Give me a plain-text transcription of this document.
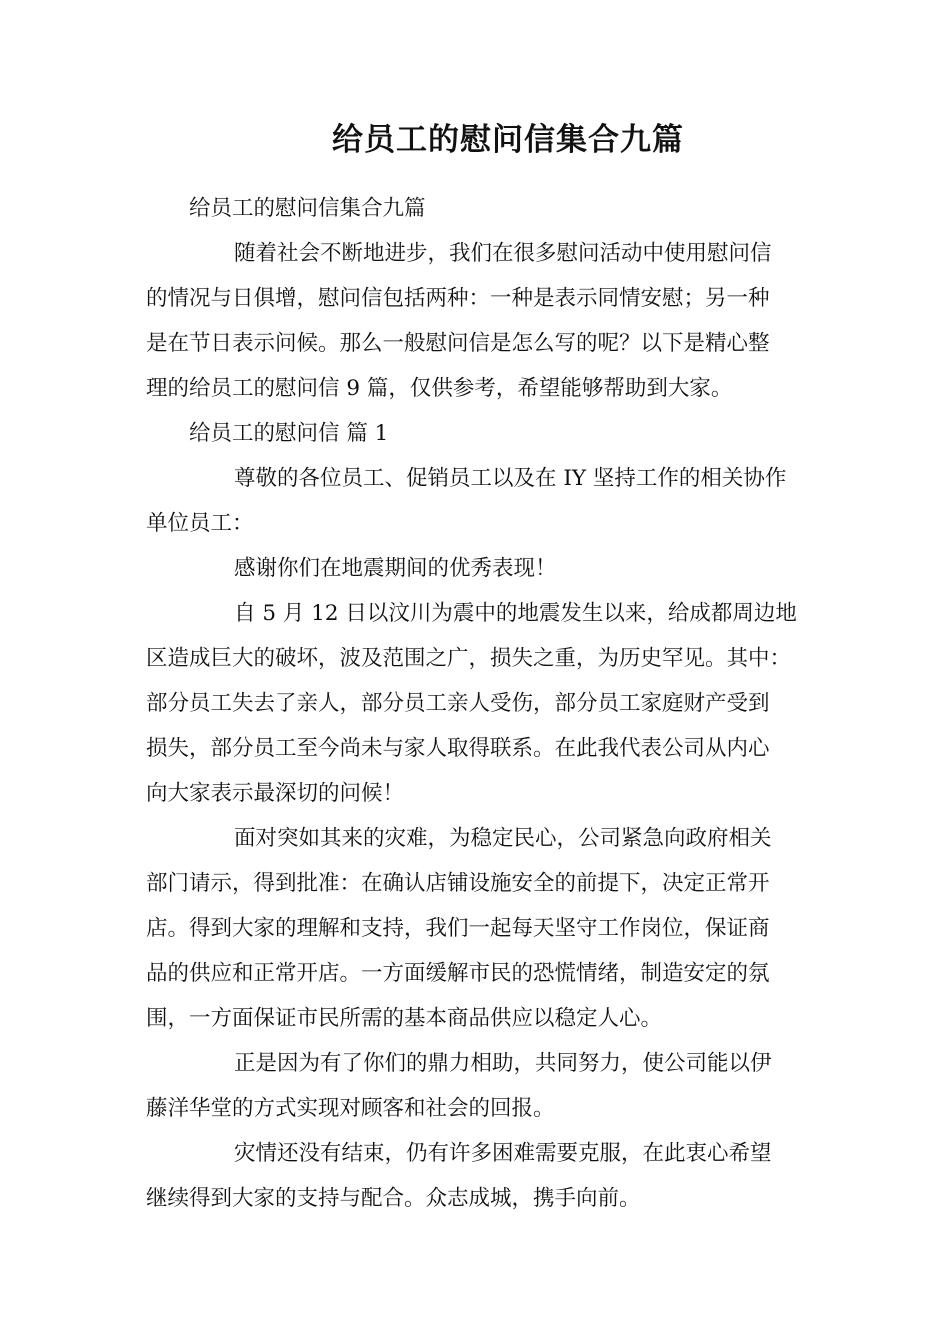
给员工的慰问信集合九篇
给员工的慰问信集合九篇
随着社会不断地进步，我们在很多慰问活动中使用慰问信
的情况与日俱增，慰问信包括两种：一种是表示同情安慰；另一种
是在节日表示问候。那么一般慰问信是怎么写的呢？以下是精心整
理的给员工的慰问信 9 篇，仅供参考，希望能够帮助到大家。
给员工的慰问信 篇 1
尊敬的各位员工、促销员工以及在 IY 坚持工作的相关协作
单位员工：
感谢你们在地震期间的优秀表现！
自 5 月 12 日以汶川为震中的地震发生以来，给成都周边地
区造成巨大的破坏，波及范围之广，损失之重，为历史罕见。其中：
部分员工失去了亲人，部分员工亲人受伤，部分员工家庭财产受到
损失，部分员工至今尚未与家人取得联系。在此我代表公司从内心
向大家表示最深切的问候！
面对突如其来的灾难，为稳定民心，公司紧急向政府相关
部门请示，得到批准：在确认店铺设施安全的前提下，决定正常开
店。得到大家的理解和支持，我们一起每天坚守工作岗位，保证商
品的供应和正常开店。一方面缓解市民的恐慌情绪，制造安定的氛
围，一方面保证市民所需的基本商品供应以稳定人心。
正是因为有了你们的鼎力相助，共同努力，使公司能以伊
藤洋华堂的方式实现对顾客和社会的回报。
灾情还没有结束，仍有许多困难需要克服，在此衷心希望
继续得到大家的支持与配合。众志成城，携手向前。
